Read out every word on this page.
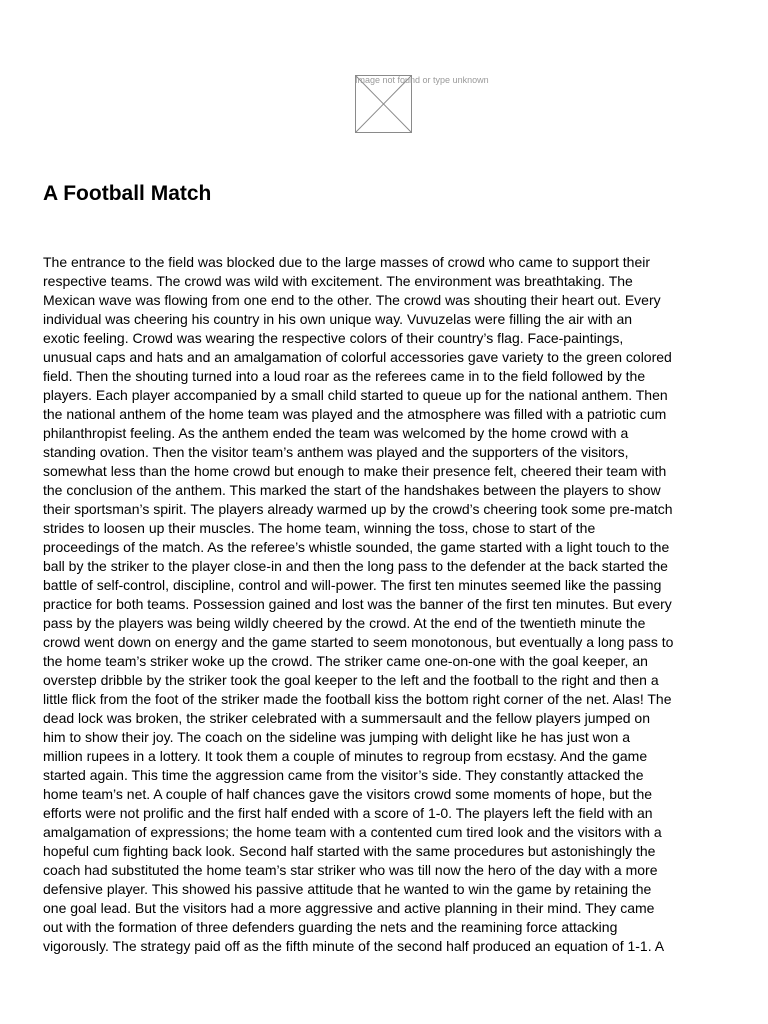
Image not found or type unknown
A Football Match

The entrance to the field was blocked due to the large masses of crowd who came to support their
respective teams. The crowd was wild with excitement. The environment was breathtaking. The
Mexican wave was flowing from one end to the other. The crowd was shouting their heart out. Every
individual was cheering his country in his own unique way. Vuvuzelas were filling the air with an
exotic feeling. Crowd was wearing the respective colors of their country’s flag. Face-paintings,
unusual caps and hats and an amalgamation of colorful accessories gave variety to the green colored
field. Then the shouting turned into a loud roar as the referees came in to the field followed by the
players. Each player accompanied by a small child started to queue up for the national anthem. Then
the national anthem of the home team was played and the atmosphere was filled with a patriotic cum
philanthropist feeling. As the anthem ended the team was welcomed by the home crowd with a
standing ovation. Then the visitor team’s anthem was played and the supporters of the visitors,
somewhat less than the home crowd but enough to make their presence felt, cheered their team with
the conclusion of the anthem. This marked the start of the handshakes between the players to show
their sportsman’s spirit. The players already warmed up by the crowd’s cheering took some pre-match
strides to loosen up their muscles. The home team, winning the toss, chose to start of the
proceedings of the match. As the referee’s whistle sounded, the game started with a light touch to the
ball by the striker to the player close-in and then the long pass to the defender at the back started the
battle of self-control, discipline, control and will-power. The first ten minutes seemed like the passing
practice for both teams. Possession gained and lost was the banner of the first ten minutes. But every
pass by the players was being wildly cheered by the crowd. At the end of the twentieth minute the
crowd went down on energy and the game started to seem monotonous, but eventually a long pass to
the home team’s striker woke up the crowd. The striker came one-on-one with the goal keeper, an
overstep dribble by the striker took the goal keeper to the left and the football to the right and then a
little flick from the foot of the striker made the football kiss the bottom right corner of the net. Alas! The
dead lock was broken, the striker celebrated with a summersault and the fellow players jumped on
him to show their joy. The coach on the sideline was jumping with delight like he has just won a
million rupees in a lottery. It took them a couple of minutes to regroup from ecstasy. And the game
started again. This time the aggression came from the visitor’s side. They constantly attacked the
home team’s net. A couple of half chances gave the visitors crowd some moments of hope, but the
efforts were not prolific and the first half ended with a score of 1-0. The players left the field with an
amalgamation of expressions; the home team with a contented cum tired look and the visitors with a
hopeful cum fighting back look. Second half started with the same procedures but astonishingly the
coach had substituted the home team’s star striker who was till now the hero of the day with a more
defensive player. This showed his passive attitude that he wanted to win the game by retaining the
one goal lead. But the visitors had a more aggressive and active planning in their mind. They came
out with the formation of three defenders guarding the nets and the reamining force attacking
vigorously. The strategy paid off as the fifth minute of the second half produced an equation of 1-1. A
